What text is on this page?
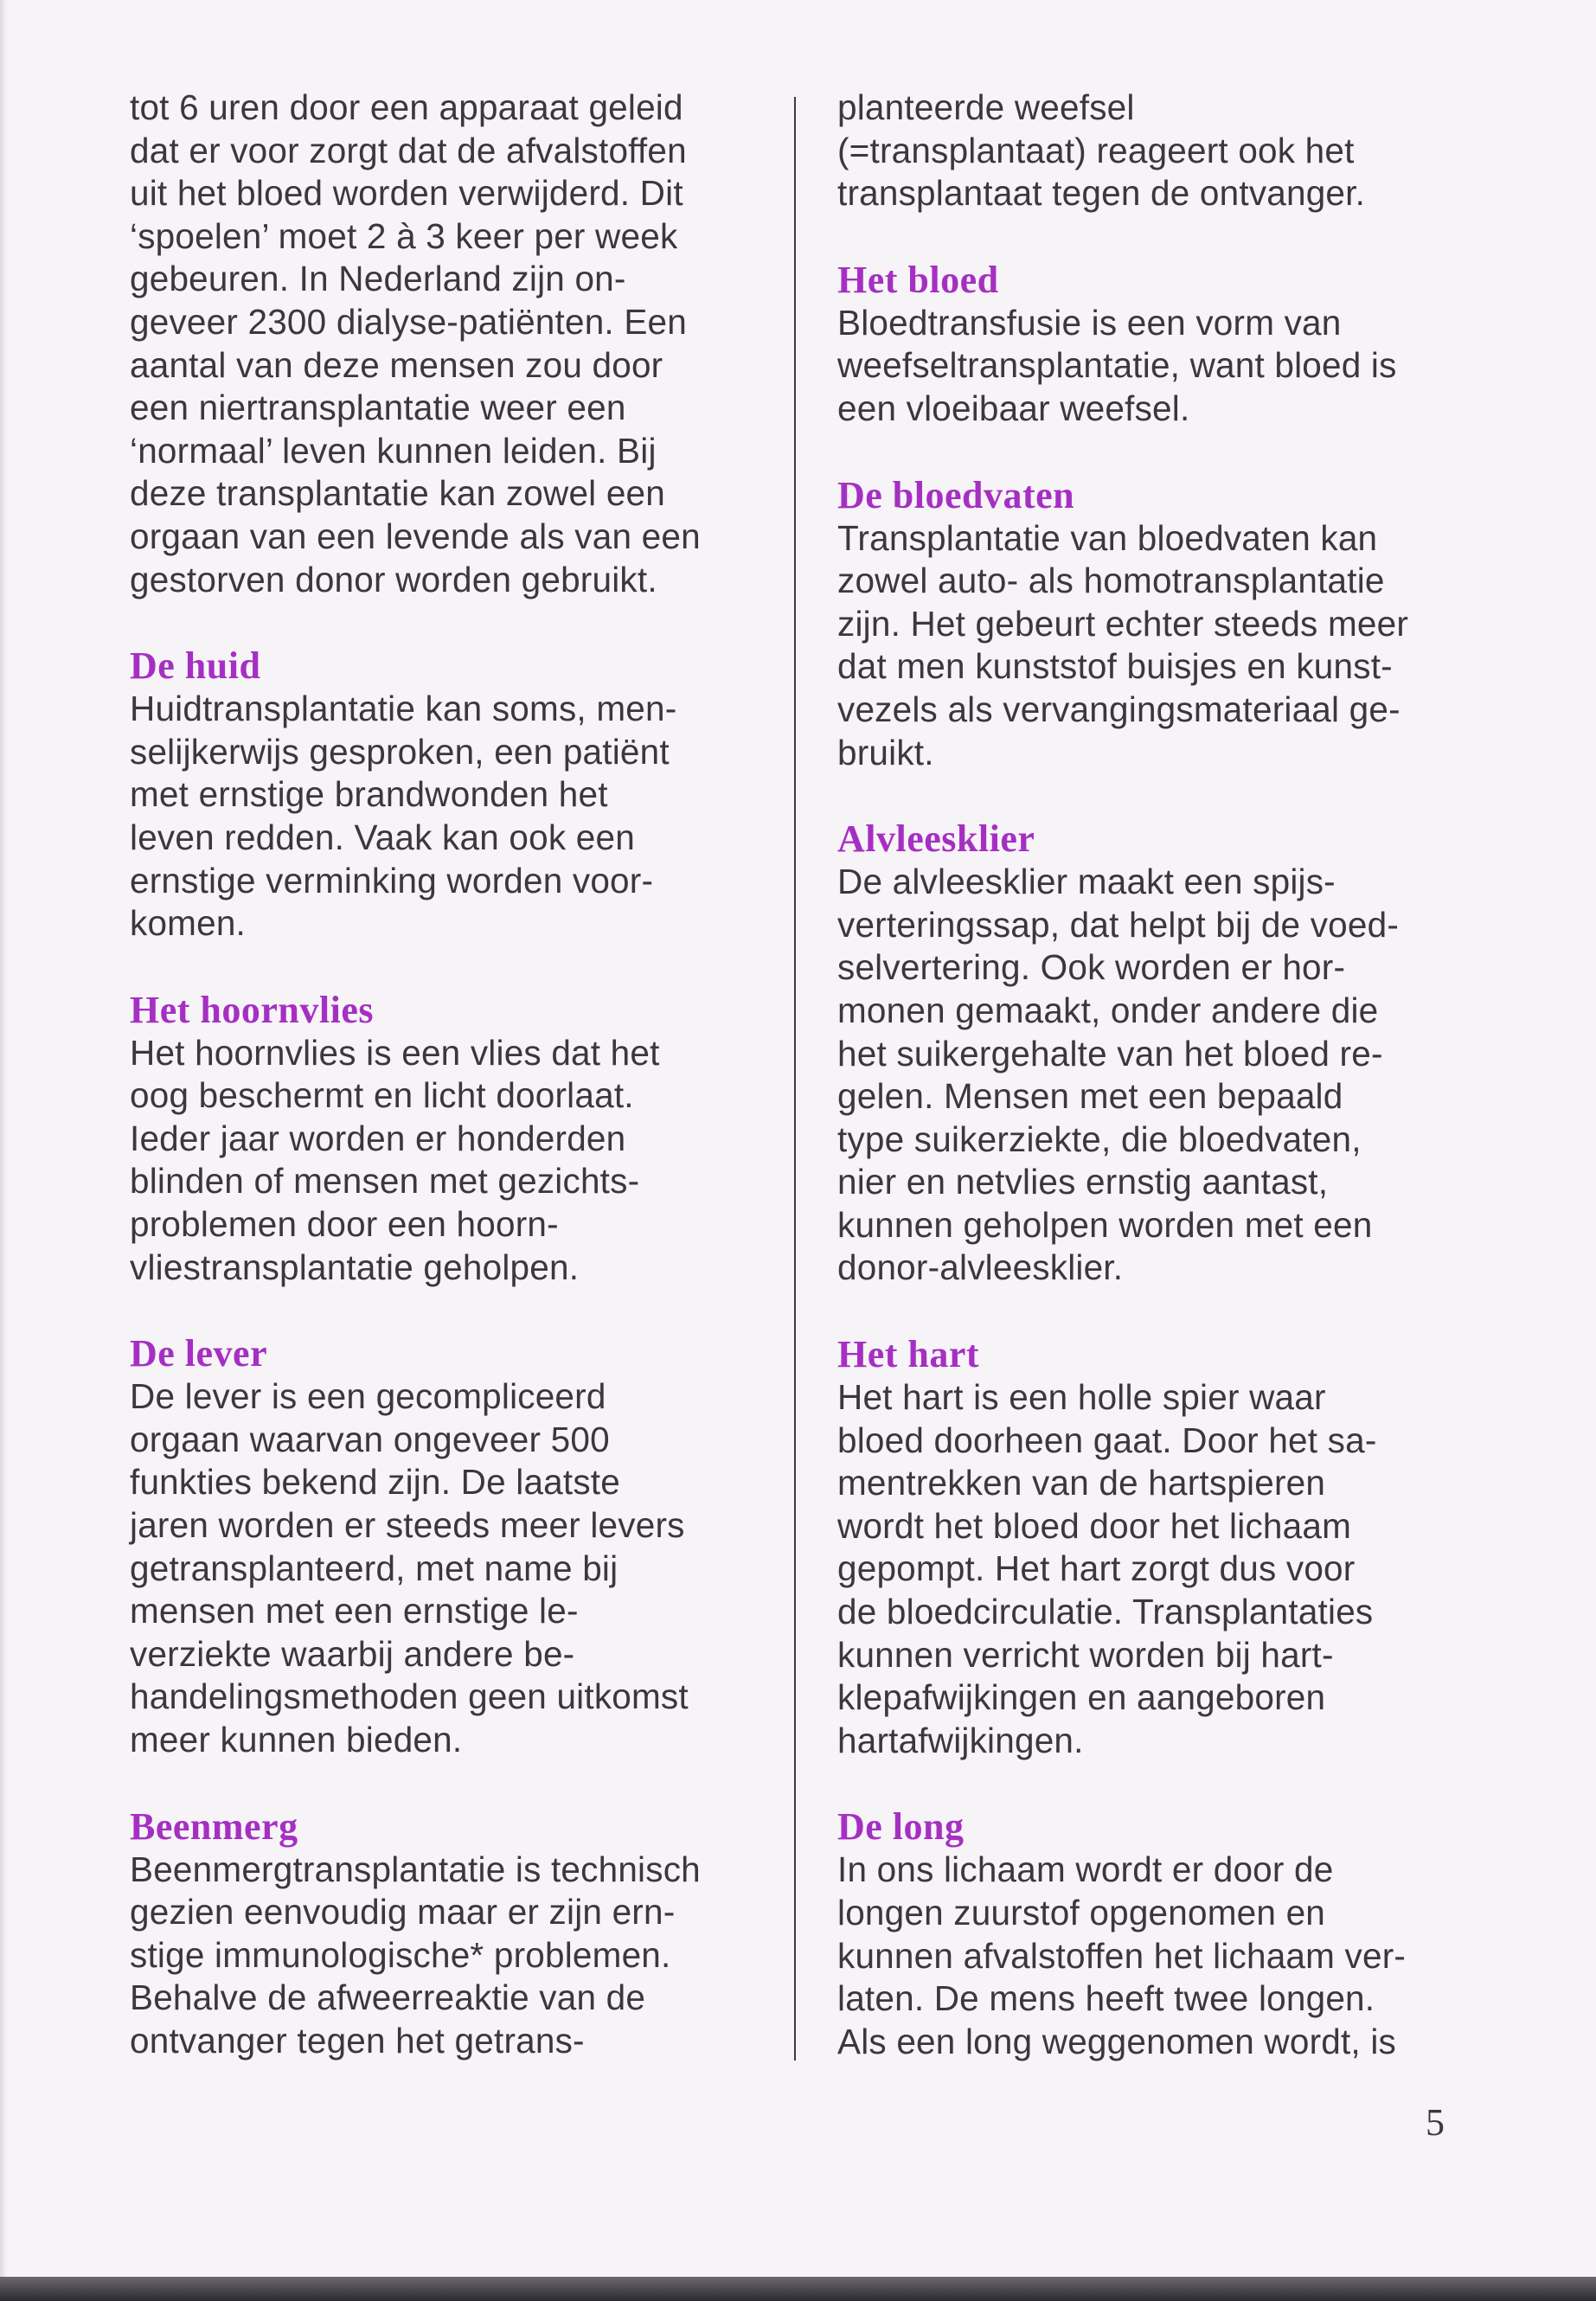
tot 6 uren door een apparaat geleid
dat er voor zorgt dat de afvalstoffen
uit het bloed worden verwijderd. Dit
‘spoelen’ moet 2 à 3 keer per week
gebeuren. In Nederland zijn on-
geveer 2300 dialyse-patiënten. Een
aantal van deze mensen zou door
een niertransplantatie weer een
‘normaal’ leven kunnen leiden. Bij
deze transplantatie kan zowel een
orgaan van een levende als van een
gestorven donor worden gebruikt.

De huid

Huidtransplantatie kan soms, men-
selijkerwijs gesproken, een patiënt
met ernstige brandwonden het
leven redden. Vaak kan ook een
ernstige verminking worden voor-
komen.

Het hoornvlies

Het hoornvlies is een vlies dat het
oog beschermt en licht doorlaat.
Ieder jaar worden er honderden
blinden of mensen met gezichts-
problemen door een hoorn-
vliestransplantatie geholpen.

De lever

De lever is een gecompliceerd
orgaan waarvan ongeveer 500
funkties bekend zijn. De laatste
jaren worden er steeds meer levers
getransplanteerd, met name bij
mensen met een ernstige le-
verziekte waarbij andere be-
handelingsmethoden geen uitkomst
meer kunnen bieden.

Beenmerg

Beenmergtransplantatie is technisch
gezien eenvoudig maar er zijn ern-
stige immunologische* problemen.
Behalve de afweerreaktie van de
ontvanger tegen het getrans-

planteerde weefsel
(=transplantaat) reageert ook het
transplantaat tegen de ontvanger.

Het bloed

Bloedtransfusie is een vorm van
weefseltransplantatie, want bloed is
een vloeibaar weefsel.

De bloedvaten

Transplantatie van bloedvaten kan
zowel auto- als homotransplantatie
zijn. Het gebeurt echter steeds meer
dat men kunststof buisjes en kunst-
vezels als vervangingsmateriaal ge-
bruikt.

Alvleesklier

De alvleesklier maakt een spijs-
verteringssap, dat helpt bij de voed-
selvertering. Ook worden er hor-
monen gemaakt, onder andere die
het suikergehalte van het bloed re-
gelen. Mensen met een bepaald
type suikerziekte, die bloedvaten,
nier en netvlies ernstig aantast,
kunnen geholpen worden met een
donor-alvleesklier.

Het hart

Het hart is een holle spier waar
bloed doorheen gaat. Door het sa-
mentrekken van de hartspieren
wordt het bloed door het lichaam
gepompt. Het hart zorgt dus voor
de bloedcirculatie. Transplantaties
kunnen verricht worden bij hart-
klepafwijkingen en aangeboren
hartafwijkingen.

De long

In ons lichaam wordt er door de
longen zuurstof opgenomen en
kunnen afvalstoffen het lichaam ver-
laten. De mens heeft twee longen.
Als een long weggenomen wordt, is

5
